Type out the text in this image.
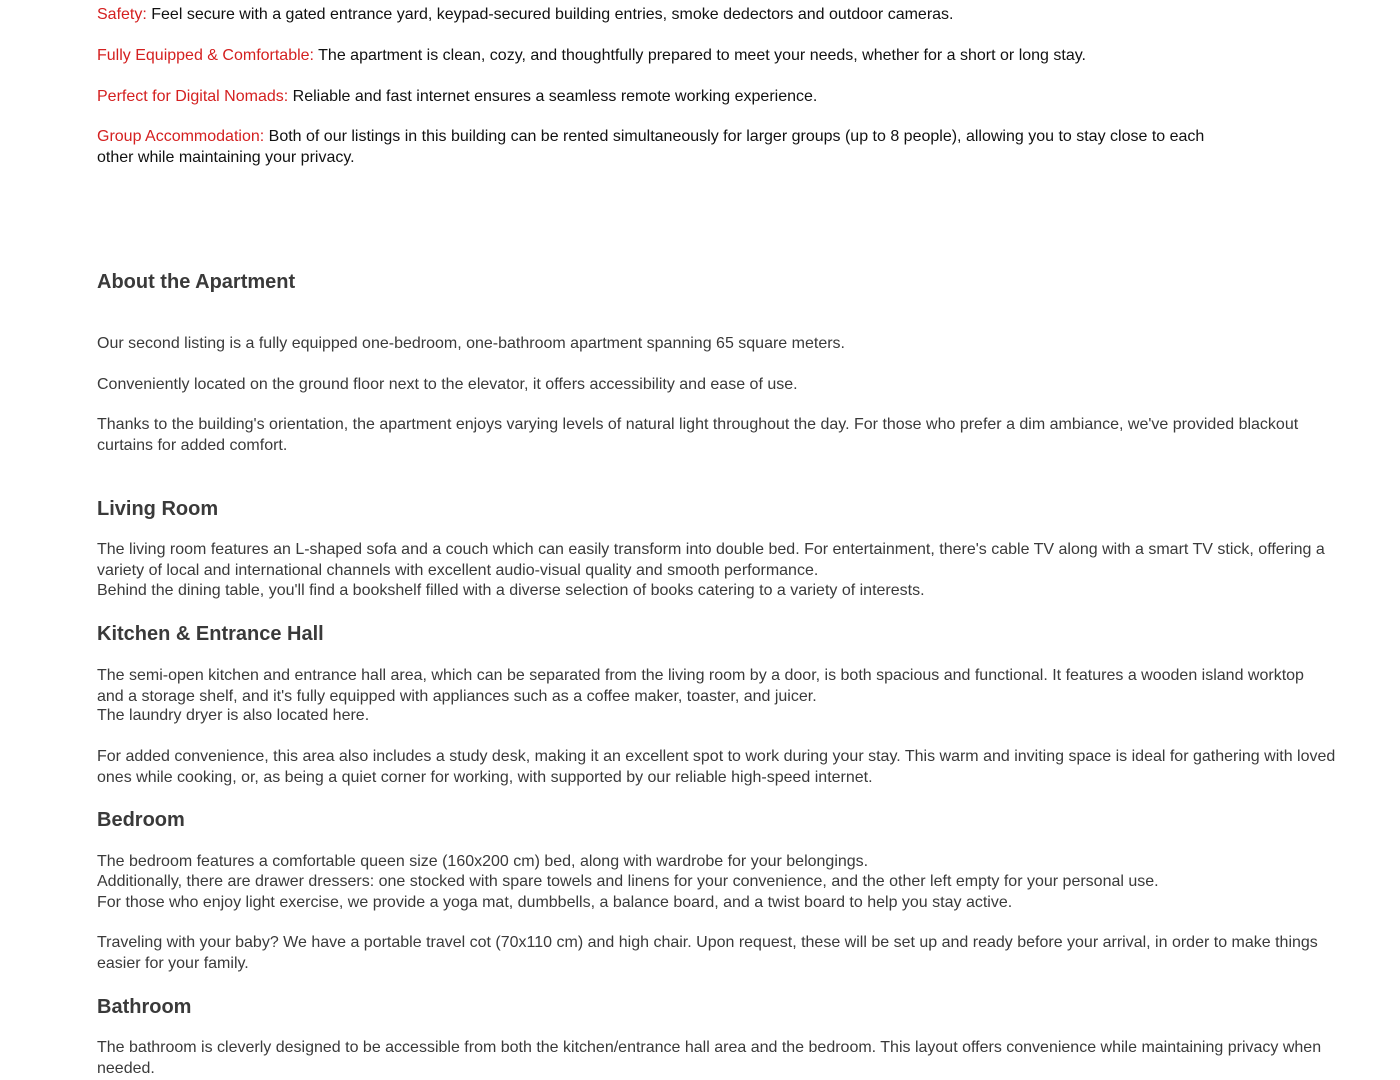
Safety: Feel secure with a gated entrance yard, keypad-secured building entries, smoke dedectors and outdoor cameras.

Fully Equipped & Comfortable: The apartment is clean, cozy, and thoughtfully prepared to meet your needs, whether for a short or long stay.

Perfect for Digital Nomads: Reliable and fast internet ensures a seamless remote working experience.

Group Accommodation: Both of our listings in this building can be rented simultaneously for larger groups (up to 8 people), allowing you to stay close to each other while maintaining your privacy.

About the Apartment

Our second listing is a fully equipped one-bedroom, one-bathroom apartment spanning 65 square meters.

Conveniently located on the ground floor next to the elevator, it offers accessibility and ease of use.

Thanks to the building's orientation, the apartment enjoys varying levels of natural light throughout the day. For those who prefer a dim ambiance, we've provided blackout curtains for added comfort.

Living Room

The living room features an L-shaped sofa and a couch which can easily transform into double bed. For entertainment, there's cable TV along with a smart TV stick, offering a variety of local and international channels with excellent audio-visual quality and smooth performance.

Behind the dining table, you'll find a bookshelf filled with a diverse selection of books catering to a variety of interests.

Kitchen & Entrance Hall

The semi-open kitchen and entrance hall area, which can be separated from the living room by a door, is both spacious and functional. It features a wooden island worktop and a storage shelf, and it's fully equipped with appliances such as a coffee maker, toaster, and juicer.

The laundry dryer is also located here.

For added convenience, this area also includes a study desk, making it an excellent spot to work during your stay. This warm and inviting space is ideal for gathering with loved ones while cooking, or, as being a quiet corner for working, with supported by our reliable high-speed internet.

Bedroom

The bedroom features a comfortable queen size (160x200 cm) bed, along with wardrobe for your belongings.

Additionally, there are drawer dressers: one stocked with spare towels and linens for your convenience, and the other left empty for your personal use.

For those who enjoy light exercise, we provide a yoga mat, dumbbells, a balance board, and a twist board to help you stay active.

Traveling with your baby? We have a portable travel cot (70x110 cm) and high chair. Upon request, these will be set up and ready before your arrival, in order to make things easier for your family.

Bathroom

The bathroom is cleverly designed to be accessible from both the kitchen/entrance hall area and the bedroom. This layout offers convenience while maintaining privacy when needed.
